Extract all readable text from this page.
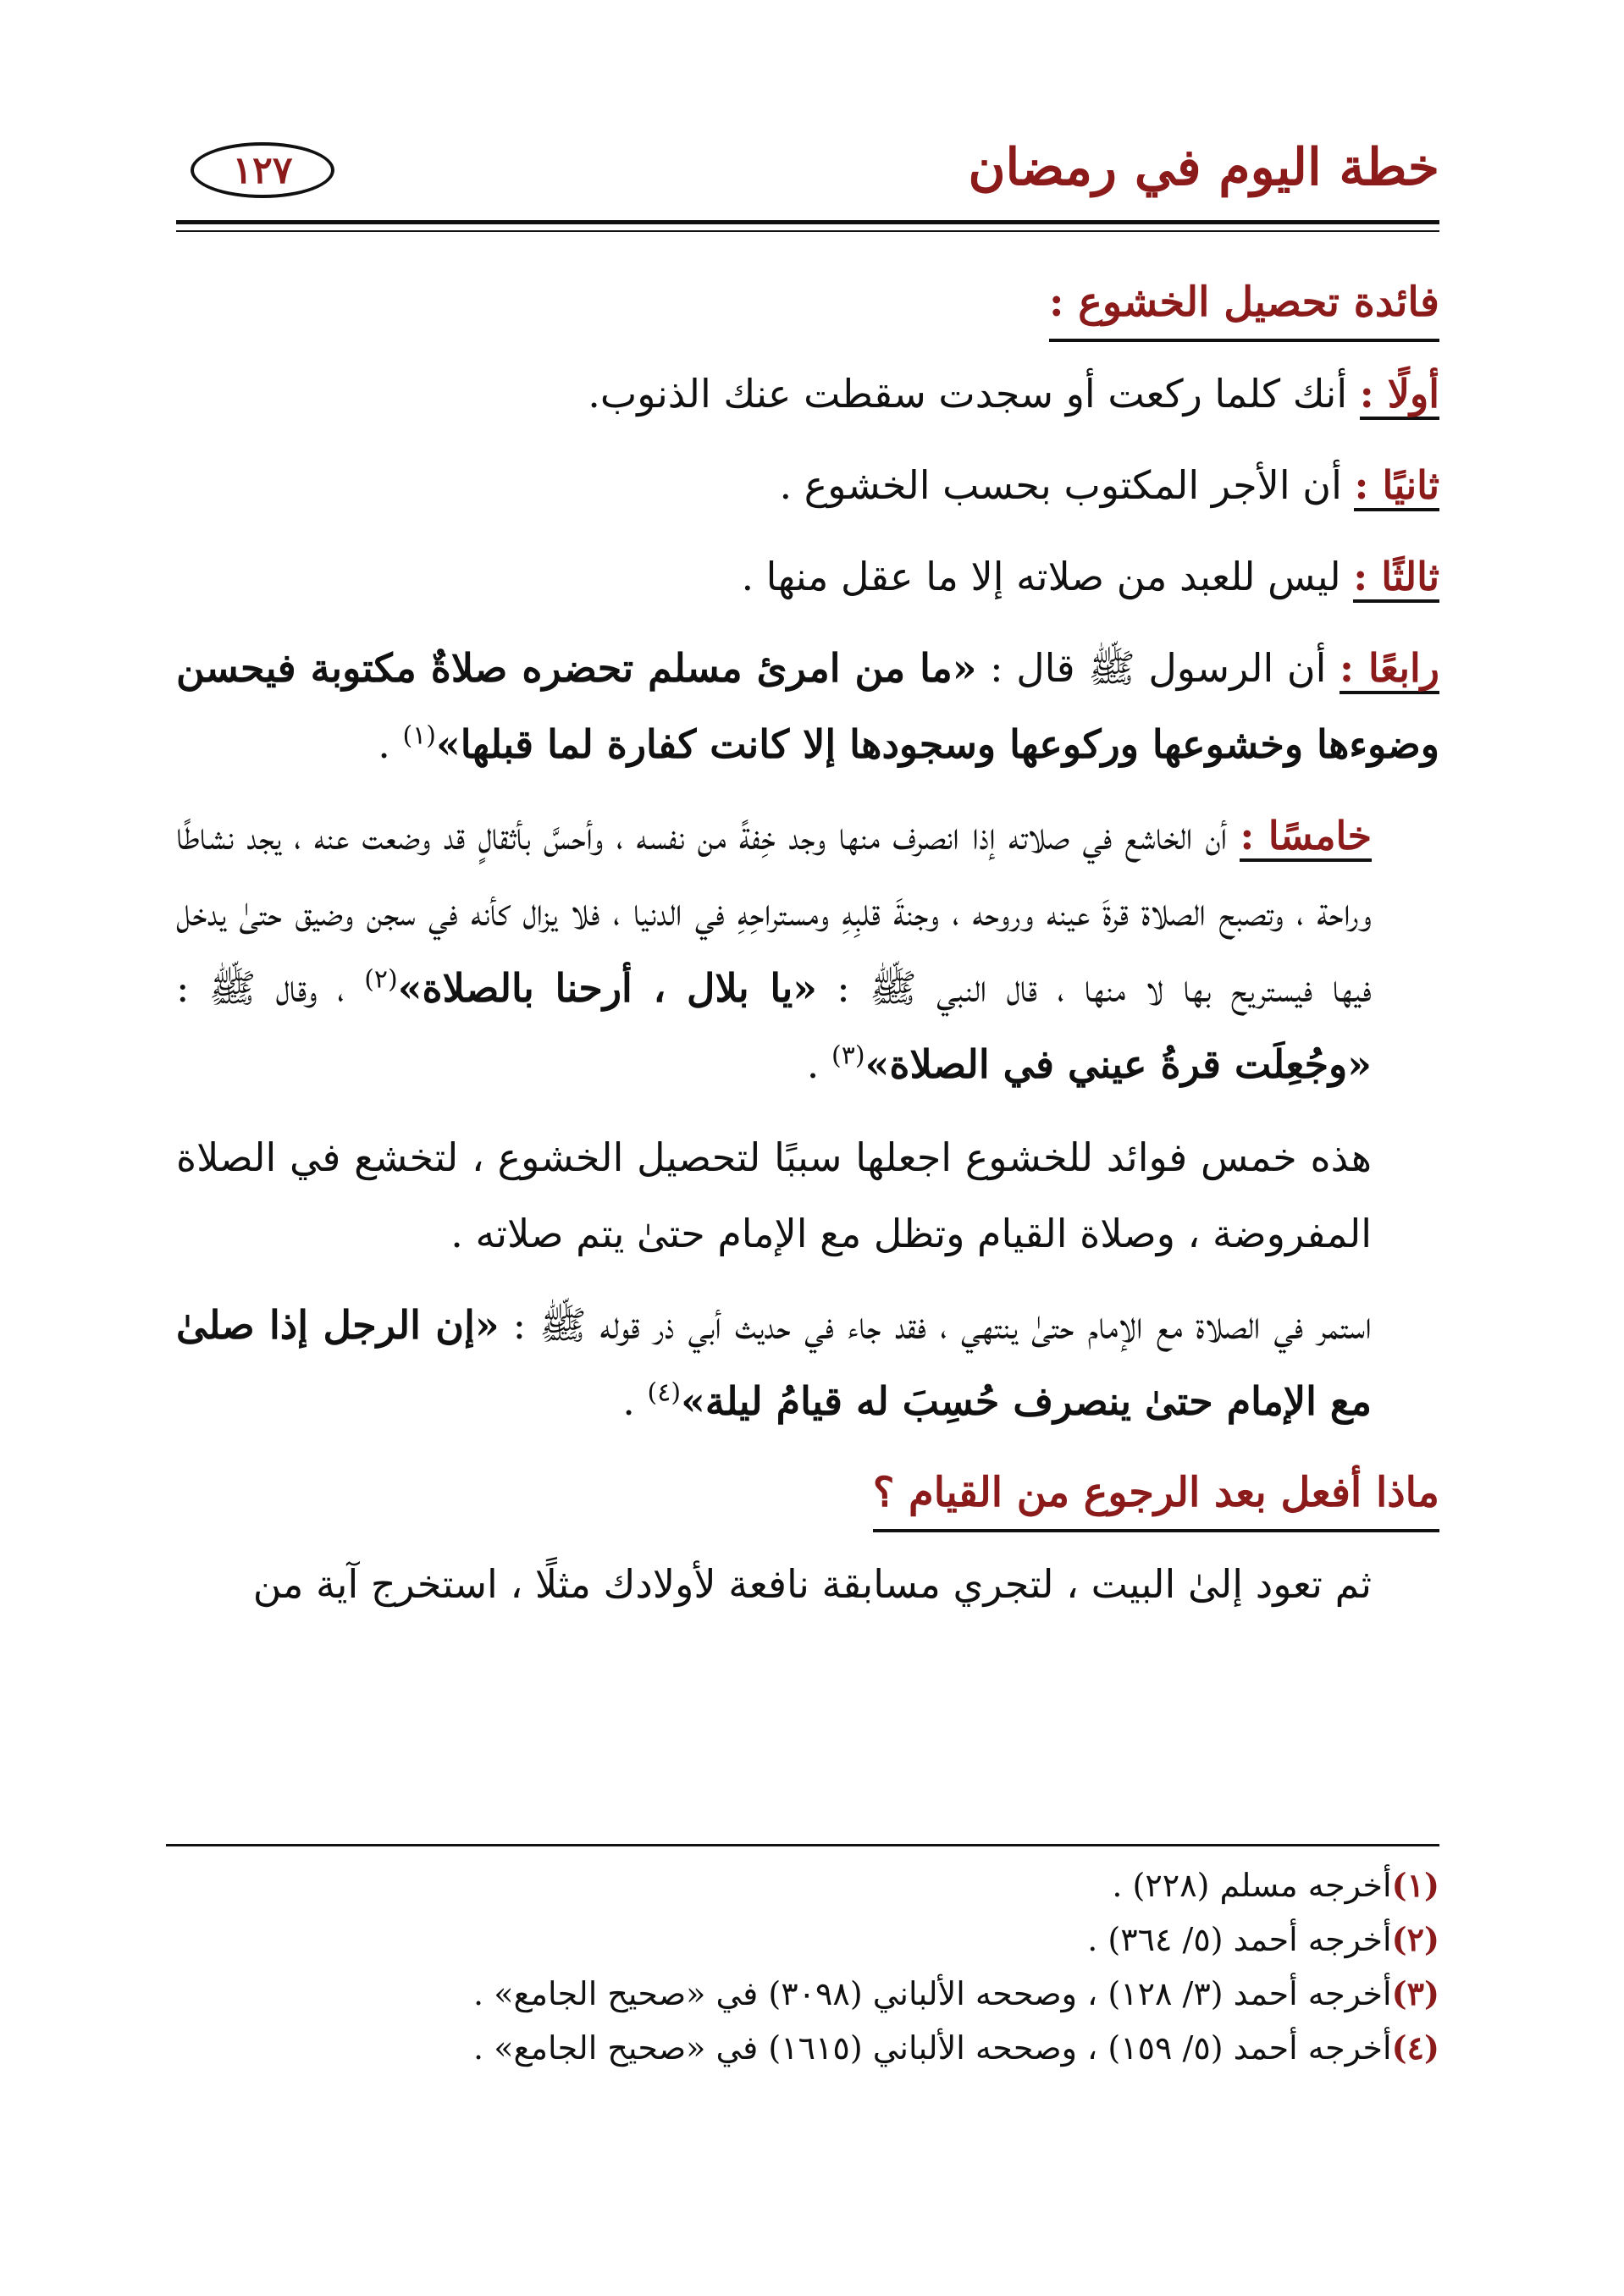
خطة اليوم في رمضان
١٢٧
فائدة تحصيل الخشوع :

أولًا : أنك كلما ركعت أو سجدت سقطت عنك الذنوب.

ثانيًا : أن الأجر المكتوب بحسب الخشوع .

ثالثًا : ليس للعبد من صلاته إلا ما عقل منها .

رابعًا : أن الرسول ﷺ قال : «ما من امرئ مسلم تحضره صلاةٌ مكتوبة فيحسن وضوءها وخشوعها وركوعها وسجودها إلا كانت كفارة لما قبلها»$^{(١)}$ .

خامسًا : أن الخاشع في صلاته إذا انصرف منها وجد خِفةً من نفسه ، وأحسَّ بأثقالٍ قد وضعت عنه ، يجد نشاطًا وراحة ، وتصبح الصلاة قرةَ عينه وروحه ، وجنةَ قلبِهِ ومستراحِهِ في الدنيا ، فلا يزال كأنه في سجن وضيق حتىٰ يدخل فيها فيستريح بها لا منها ، قال النبي ﷺ : «يا بلال ، أرحنا بالصلاة»$^{(٢)}$ ، وقال ﷺ : «وجُعِلَت قرةُ عيني في الصلاة»$^{(٣)}$ .

هذه خمس فوائد للخشوع اجعلها سببًا لتحصيل الخشوع ، لتخشع في الصلاة المفروضة ، وصلاة القيام وتظل مع الإمام حتىٰ يتم صلاته .

استمر في الصلاة مع الإمام حتىٰ ينتهي ، فقد جاء في حديث أبي ذر قوله ﷺ : «إن الرجل إذا صلىٰ مع الإمام حتىٰ ينصرف حُسِبَ له قيامُ ليلة»$^{(٤)}$ .

ماذا أفعل بعد الرجوع من القيام ؟

ثم تعود إلىٰ البيت ، لتجري مسابقة نافعة لأولادك مثلًا ، استخرج آية من

(١)أخرجه مسلم (٢٢٨) .
(٢)أخرجه أحمد (٥/ ٣٦٤) .
(٣)أخرجه أحمد (٣/ ١٢٨) ، وصححه الألباني (٣٠٩٨) في «صحيح الجامع» .
(٤)أخرجه أحمد (٥/ ١٥٩) ، وصححه الألباني (١٦١٥) في «صحيح الجامع» .
